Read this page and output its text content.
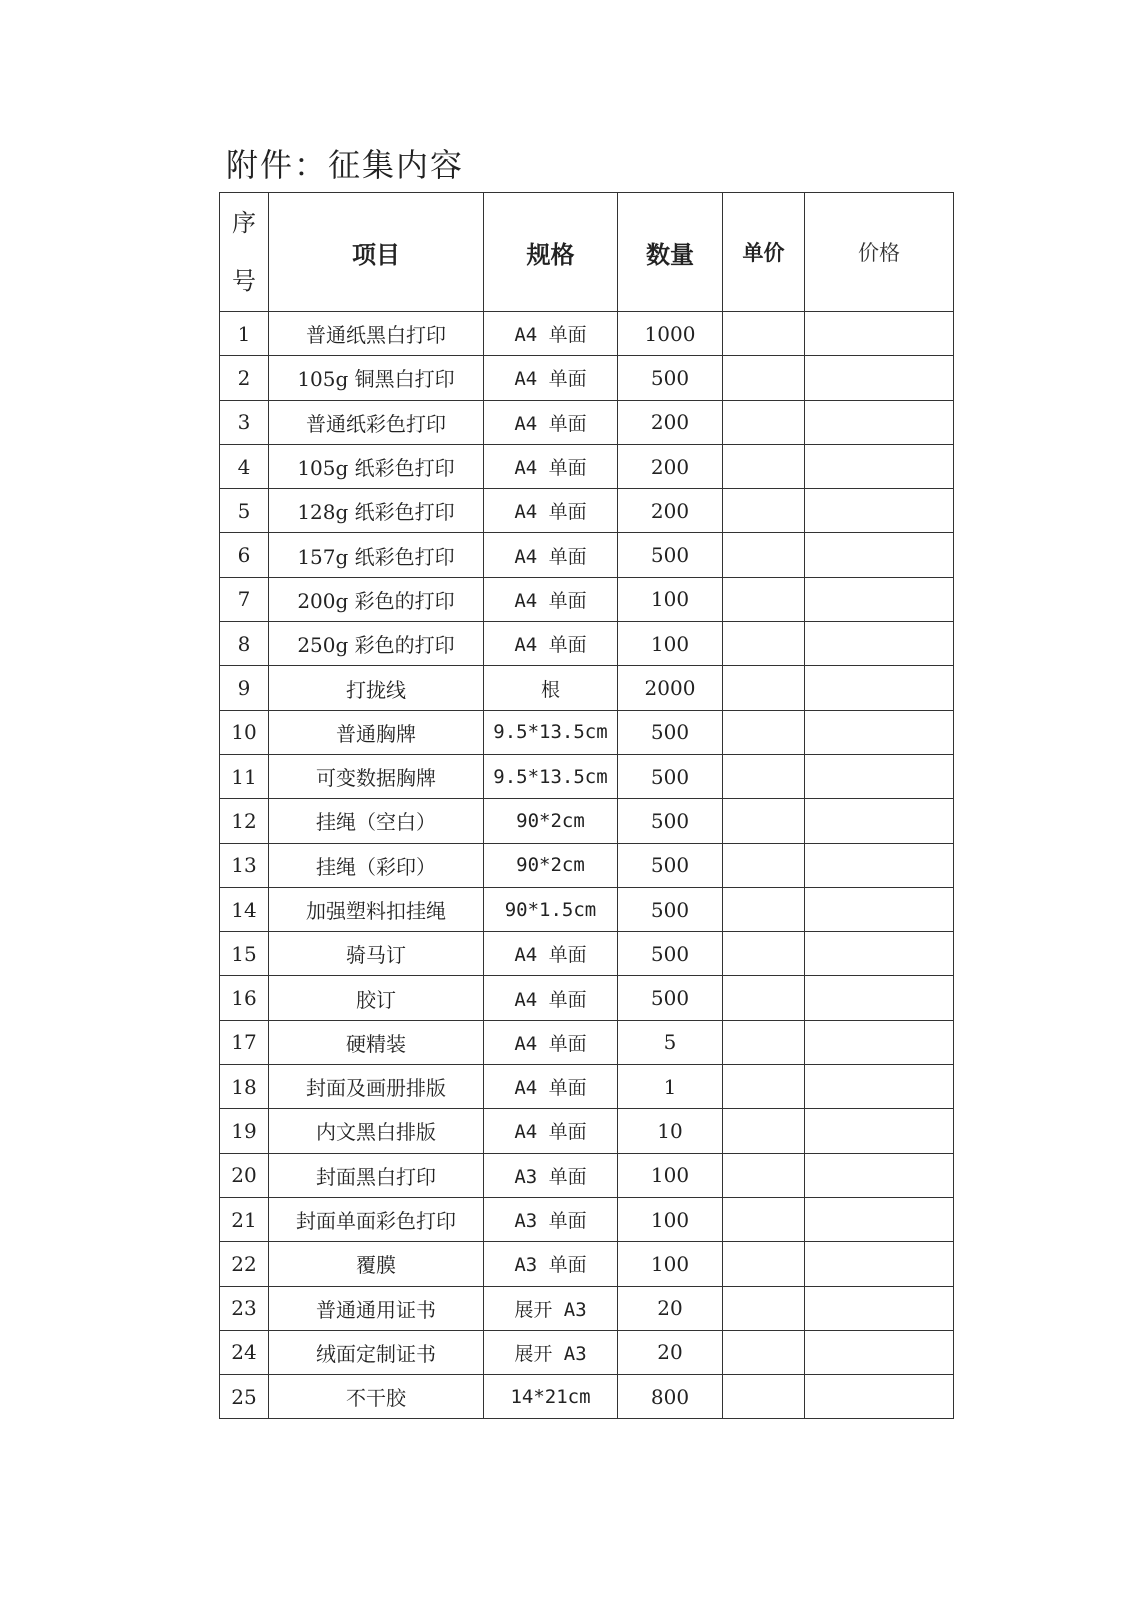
附件：征集内容
序
号	项目	规格	数量	单价	价格
1	普通纸黑白打印	A4 单面	1000		
2	105g 铜黑白打印	A4 单面	500		
3	普通纸彩色打印	A4 单面	200		
4	105g 纸彩色打印	A4 单面	200		
5	128g 纸彩色打印	A4 单面	200		
6	157g 纸彩色打印	A4 单面	500		
7	200g 彩色的打印	A4 单面	100		
8	250g 彩色的打印	A4 单面	100		
9	打拢线	根	2000		
10	普通胸牌	9.5*13.5cm	500		
11	可变数据胸牌	9.5*13.5cm	500		
12	挂绳（空白）	90*2cm	500		
13	挂绳（彩印）	90*2cm	500		
14	加强塑料扣挂绳	90*1.5cm	500		
15	骑马订	A4 单面	500		
16	胶订	A4 单面	500		
17	硬精装	A4 单面	5		
18	封面及画册排版	A4 单面	1		
19	内文黑白排版	A4 单面	10		
20	封面黑白打印	A3 单面	100		
21	封面单面彩色打印	A3 单面	100		
22	覆膜	A3 单面	100		
23	普通通用证书	展开 A3	20		
24	绒面定制证书	展开 A3	20		
25	不干胶	14*21cm	800		
